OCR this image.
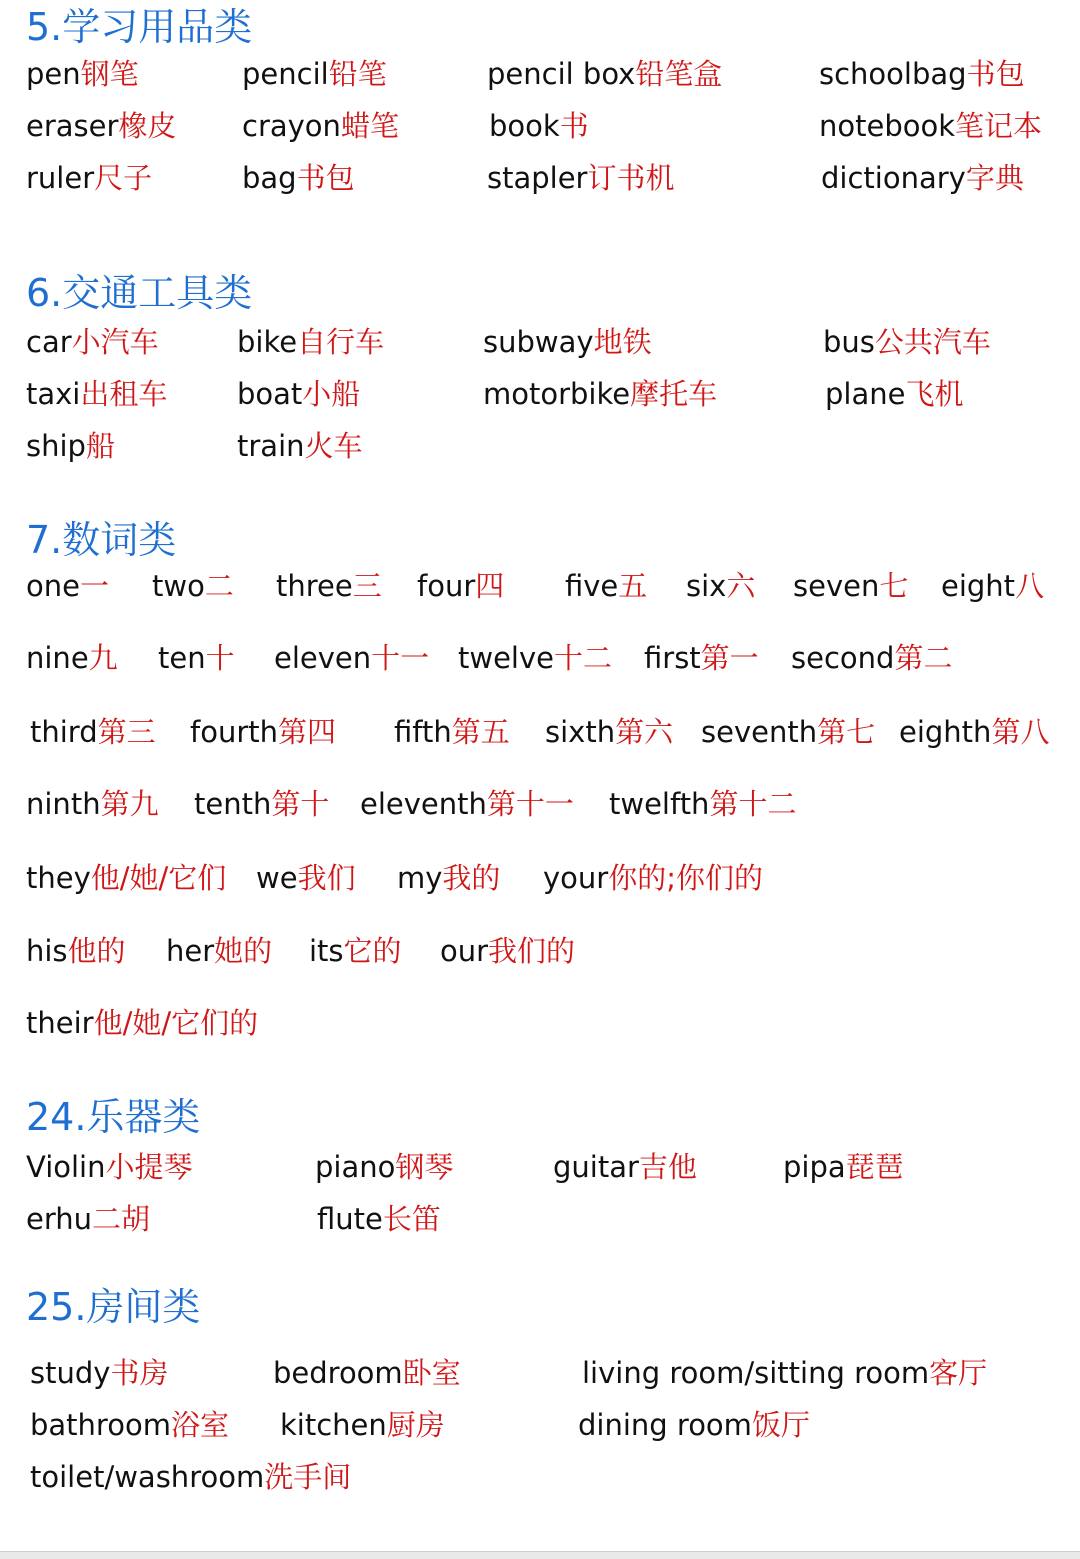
5.学习用品类
pen钢笔	pencil铅笔	pencil box铅笔盒	schoolbag书包
eraser橡皮 crayon蜡笔	book书	notebook笔记本
ruler尺子	bag书包	stapler订书机	dictionary字典
6.交通工具类
car小汽车	bike自行车	subway地铁	bus公共汽车
taxi出租车 boat小船	motorbike摩托车	plane飞机
ship船	train火车
7.数词类
one一 two二 three三 four四 five五 six六 seven七 eight八
nine九 ten十 eleven十一 twelve十二 first第一 second第二
third第三 fourth第四 fifth第五 sixth第六 seventh第七 eighth第八
ninth第九 tenth第十 eleventh第十一 twelfth第十二
they他/她/它们 we我们 my我的 your你的;你们的
his他的 her她的 its它的 our我们的
their他/她/它们的
24.乐器类
Violin小提琴	piano钢琴	guitar吉他	pipa琵琶
erhu二胡	flute长笛
25.房间类
study书房	bedroom卧室	living room/sitting room客厅
bathroom浴室 kitchen厨房	dining room饭厅
toilet/washroom洗手间
